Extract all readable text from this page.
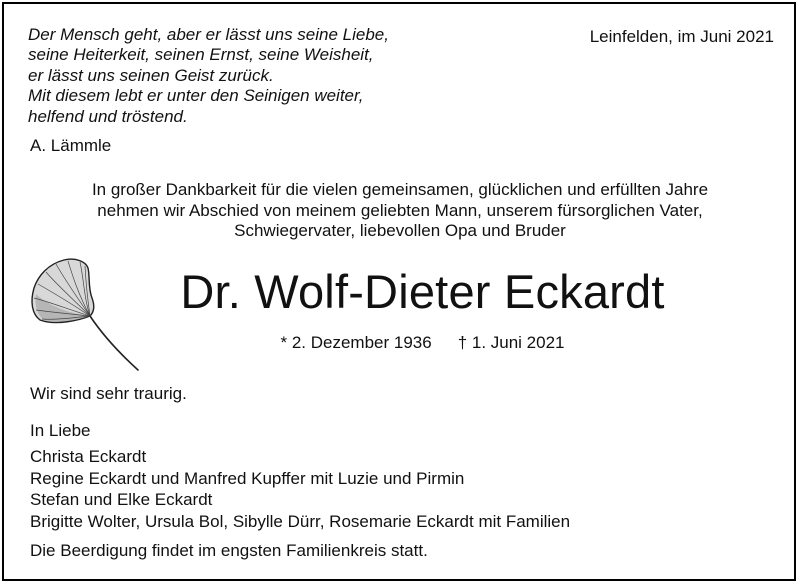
Der Mensch geht, aber er lässt uns seine Liebe,
seine Heiterkeit, seinen Ernst, seine Weisheit,
er lässt uns seinen Geist zurück.
Mit diesem lebt er unter den Seinigen weiter,
helfend und tröstend.
Leinfelden, im Juni 2021
A. Lämmle
In großer Dankbarkeit für die vielen gemeinsamen, glücklichen und erfüllten Jahre
nehmen wir Abschied von meinem geliebten Mann, unserem fürsorglichen Vater,
Schwiegervater, liebevollen Opa und Bruder
Dr. Wolf-Dieter Eckardt
* 2. Dezember 1936 † 1. Juni 2021
Wir sind sehr traurig.
In Liebe
Christa Eckardt
Regine Eckardt und Manfred Kupffer mit Luzie und Pirmin
Stefan und Elke Eckardt
Brigitte Wolter, Ursula Bol, Sibylle Dürr, Rosemarie Eckardt mit Familien
Die Beerdigung findet im engsten Familienkreis statt.
